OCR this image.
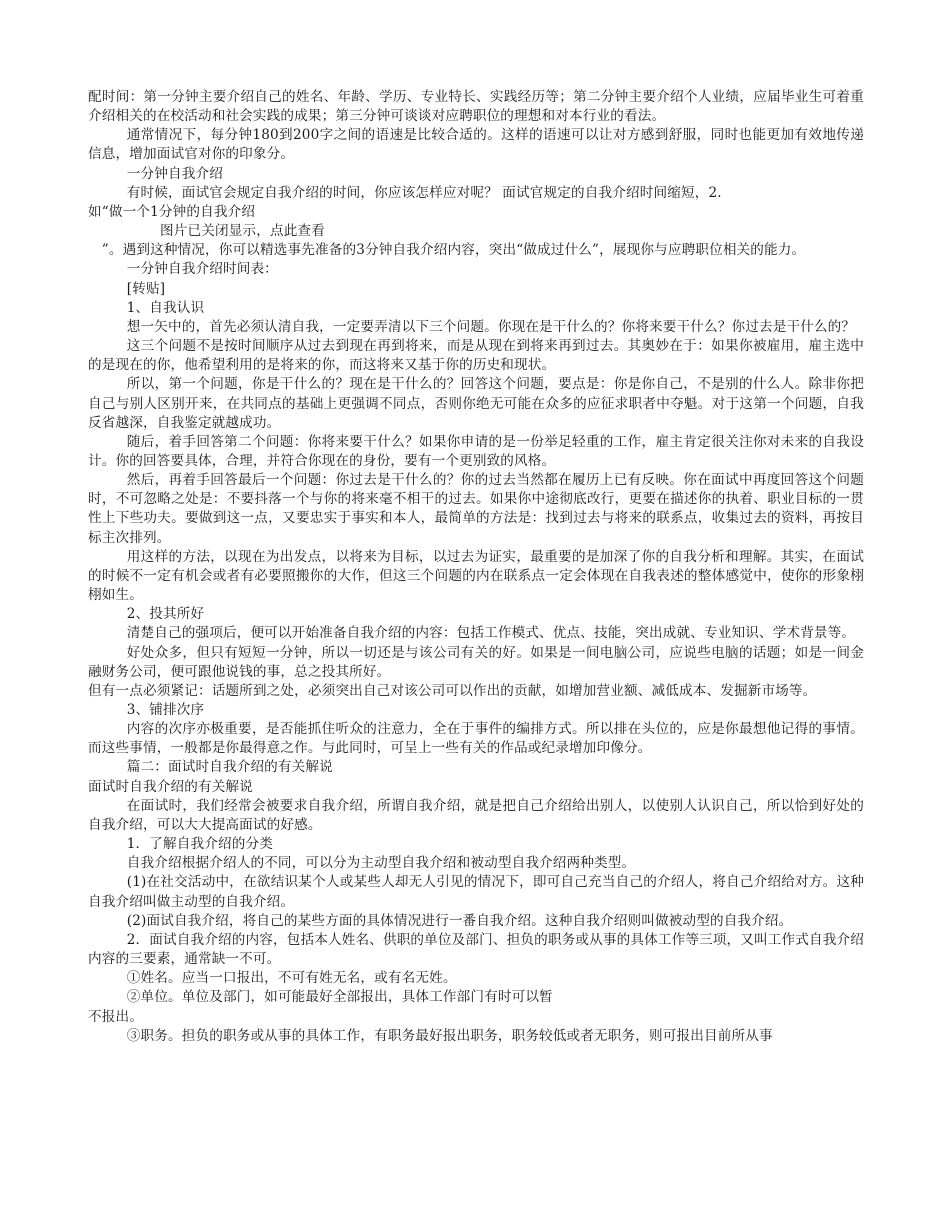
配时间：第一分钟主要介绍自己的姓名、年龄、学历、专业特长、实践经历等；第二分钟主要介绍个人业绩，应届毕业生可着重介绍相关的在校活动和社会实践的成果；第三分钟可谈谈对应聘职位的理想和对本行业的看法。

通常情况下，每分钟180到200字之间的语速是比较合适的。这样的语速可以让对方感到舒服，同时也能更加有效地传递信息，增加面试官对你的印象分。

一分钟自我介绍

有时候，面试官会规定自我介绍的时间，你应该怎样应对呢？ 面试官规定的自我介绍时间缩短，2.

如“做一个1分钟的自我介绍

图片已关闭显示，点此查看

　”。遇到这种情况，你可以精选事先准备的3分钟自我介绍内容，突出“做成过什么”，展现你与应聘职位相关的能力。

一分钟自我介绍时间表：

[转贴]

1、自我认识

想一矢中的，首先必须认清自我，一定要弄清以下三个问题。你现在是干什么的？你将来要干什么？你过去是干什么的？

这三个问题不是按时间顺序从过去到现在再到将来，而是从现在到将来再到过去。其奥妙在于：如果你被雇用，雇主选中的是现在的你，他希望利用的是将来的你，而这将来又基于你的历史和现状。

所以，第一个问题，你是干什么的？现在是干什么的？回答这个问题，要点是：你是你自己，不是别的什么人。除非你把自己与别人区别开来，在共同点的基础上更强调不同点，否则你绝无可能在众多的应征求职者中夺魁。对于这第一个问题，自我反省越深，自我鉴定就越成功。

随后，着手回答第二个问题：你将来要干什么？如果你申请的是一份举足轻重的工作，雇主肯定很关注你对未来的自我设计。你的回答要具体，合理，并符合你现在的身份，要有一个更别致的风格。

然后，再着手回答最后一个问题：你过去是干什么的？你的过去当然都在履历上已有反映。你在面试中再度回答这个问题时，不可忽略之处是：不要抖落一个与你的将来毫不相干的过去。如果你中途彻底改行，更要在描述你的执着、职业目标的一贯性上下些功夫。要做到这一点，又要忠实于事实和本人，最简单的方法是：找到过去与将来的联系点，收集过去的资料，再按目标主次排列。

用这样的方法，以现在为出发点，以将来为目标，以过去为证实，最重要的是加深了你的自我分析和理解。其实，在面试的时候不一定有机会或者有必要照搬你的大作，但这三个问题的内在联系点一定会体现在自我表述的整体感觉中，使你的形象栩栩如生。

2、投其所好

清楚自己的强项后，便可以开始准备自我介绍的内容：包括工作模式、优点、技能，突出成就、专业知识、学术背景等。

好处众多，但只有短短一分钟，所以一切还是与该公司有关的好。如果是一间电脑公司，应说些电脑的话题；如是一间金融财务公司，便可跟他说钱的事，总之投其所好。

但有一点必须紧记：话题所到之处，必须突出自己对该公司可以作出的贡献，如增加营业额、减低成本、发掘新市场等。

3、铺排次序

内容的次序亦极重要，是否能抓住听众的注意力，全在于事件的编排方式。所以排在头位的，应是你最想他记得的事情。而这些事情，一般都是你最得意之作。与此同时，可呈上一些有关的作品或纪录增加印像分。

篇二：面试时自我介绍的有关解说

面试时自我介绍的有关解说

在面试时，我们经常会被要求自我介绍，所谓自我介绍，就是把自己介绍给出别人，以使别人认识自己，所以恰到好处的自我介绍，可以大大提高面试的好感。

1．了解自我介绍的分类

自我介绍根据介绍人的不同，可以分为主动型自我介绍和被动型自我介绍两种类型。

(1)在社交活动中，在欲结识某个人或某些人却无人引见的情况下，即可自己充当自己的介绍人，将自己介绍给对方。这种自我介绍叫做主动型的自我介绍。

(2)面试自我介绍，将自己的某些方面的具体情况进行一番自我介绍。这种自我介绍则叫做被动型的自我介绍。

2．面试自我介绍的内容，包括本人姓名、供职的单位及部门、担负的职务或从事的具体工作等三项，又叫工作式自我介绍内容的三要素，通常缺一不可。

①姓名。应当一口报出，不可有姓无名，或有名无姓。

②单位。单位及部门，如可能最好全部报出，具体工作部门有时可以暂

不报出。

③职务。担负的职务或从事的具体工作，有职务最好报出职务，职务较低或者无职务，则可报出目前所从事
